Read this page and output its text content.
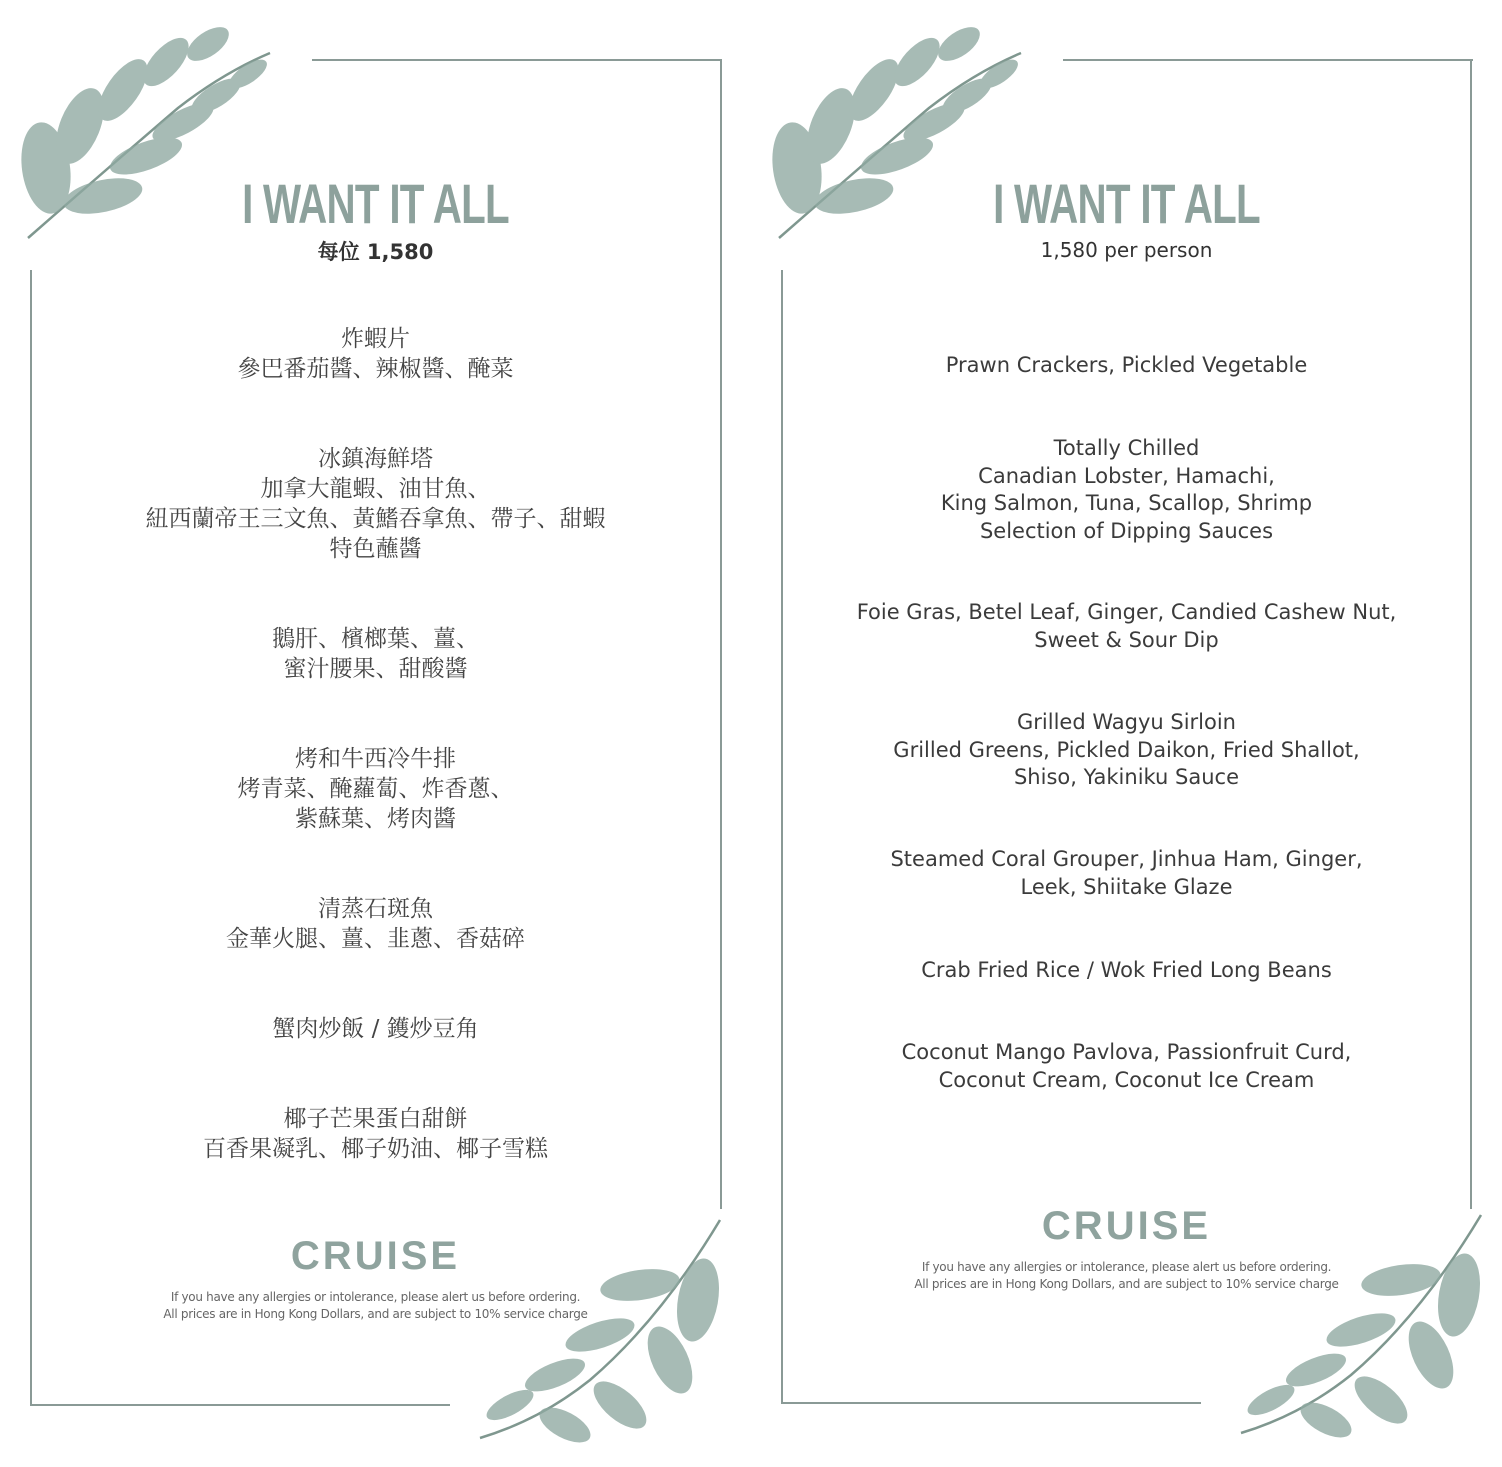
I WANT IT ALL
每位 1,580
炸蝦片
參巴番茄醬、辣椒醬、醃菜
冰鎮海鮮塔
加拿大龍蝦、油甘魚、
紐西蘭帝王三文魚、黃鰭吞拿魚、帶子、甜蝦
特色蘸醬
鵝肝、檳榔葉、薑、
蜜汁腰果、甜酸醬
烤和牛西冷牛排
烤青菜、醃蘿蔔、炸香蔥、
紫蘇葉、烤肉醬
清蒸石斑魚
金華火腿、薑、韭蔥、香菇碎
蟹肉炒飯 / 鑊炒豆角
椰子芒果蛋白甜餅
百香果凝乳、椰子奶油、椰子雪糕
CRUISE
If you have any allergies or intolerance, please alert us before ordering.
All prices are in Hong Kong Dollars, and are subject to 10% service charge
I WANT IT ALL
1,580 per person
Prawn Crackers, Pickled Vegetable
Totally Chilled
Canadian Lobster, Hamachi,
King Salmon, Tuna, Scallop, Shrimp
Selection of Dipping Sauces
Foie Gras, Betel Leaf, Ginger, Candied Cashew Nut,
Sweet & Sour Dip
Grilled Wagyu Sirloin
Grilled Greens, Pickled Daikon, Fried Shallot,
Shiso, Yakiniku Sauce
Steamed Coral Grouper, Jinhua Ham, Ginger,
Leek, Shiitake Glaze
Crab Fried Rice / Wok Fried Long Beans
Coconut Mango Pavlova, Passionfruit Curd,
Coconut Cream, Coconut Ice Cream
CRUISE
If you have any allergies or intolerance, please alert us before ordering.
All prices are in Hong Kong Dollars, and are subject to 10% service charge
